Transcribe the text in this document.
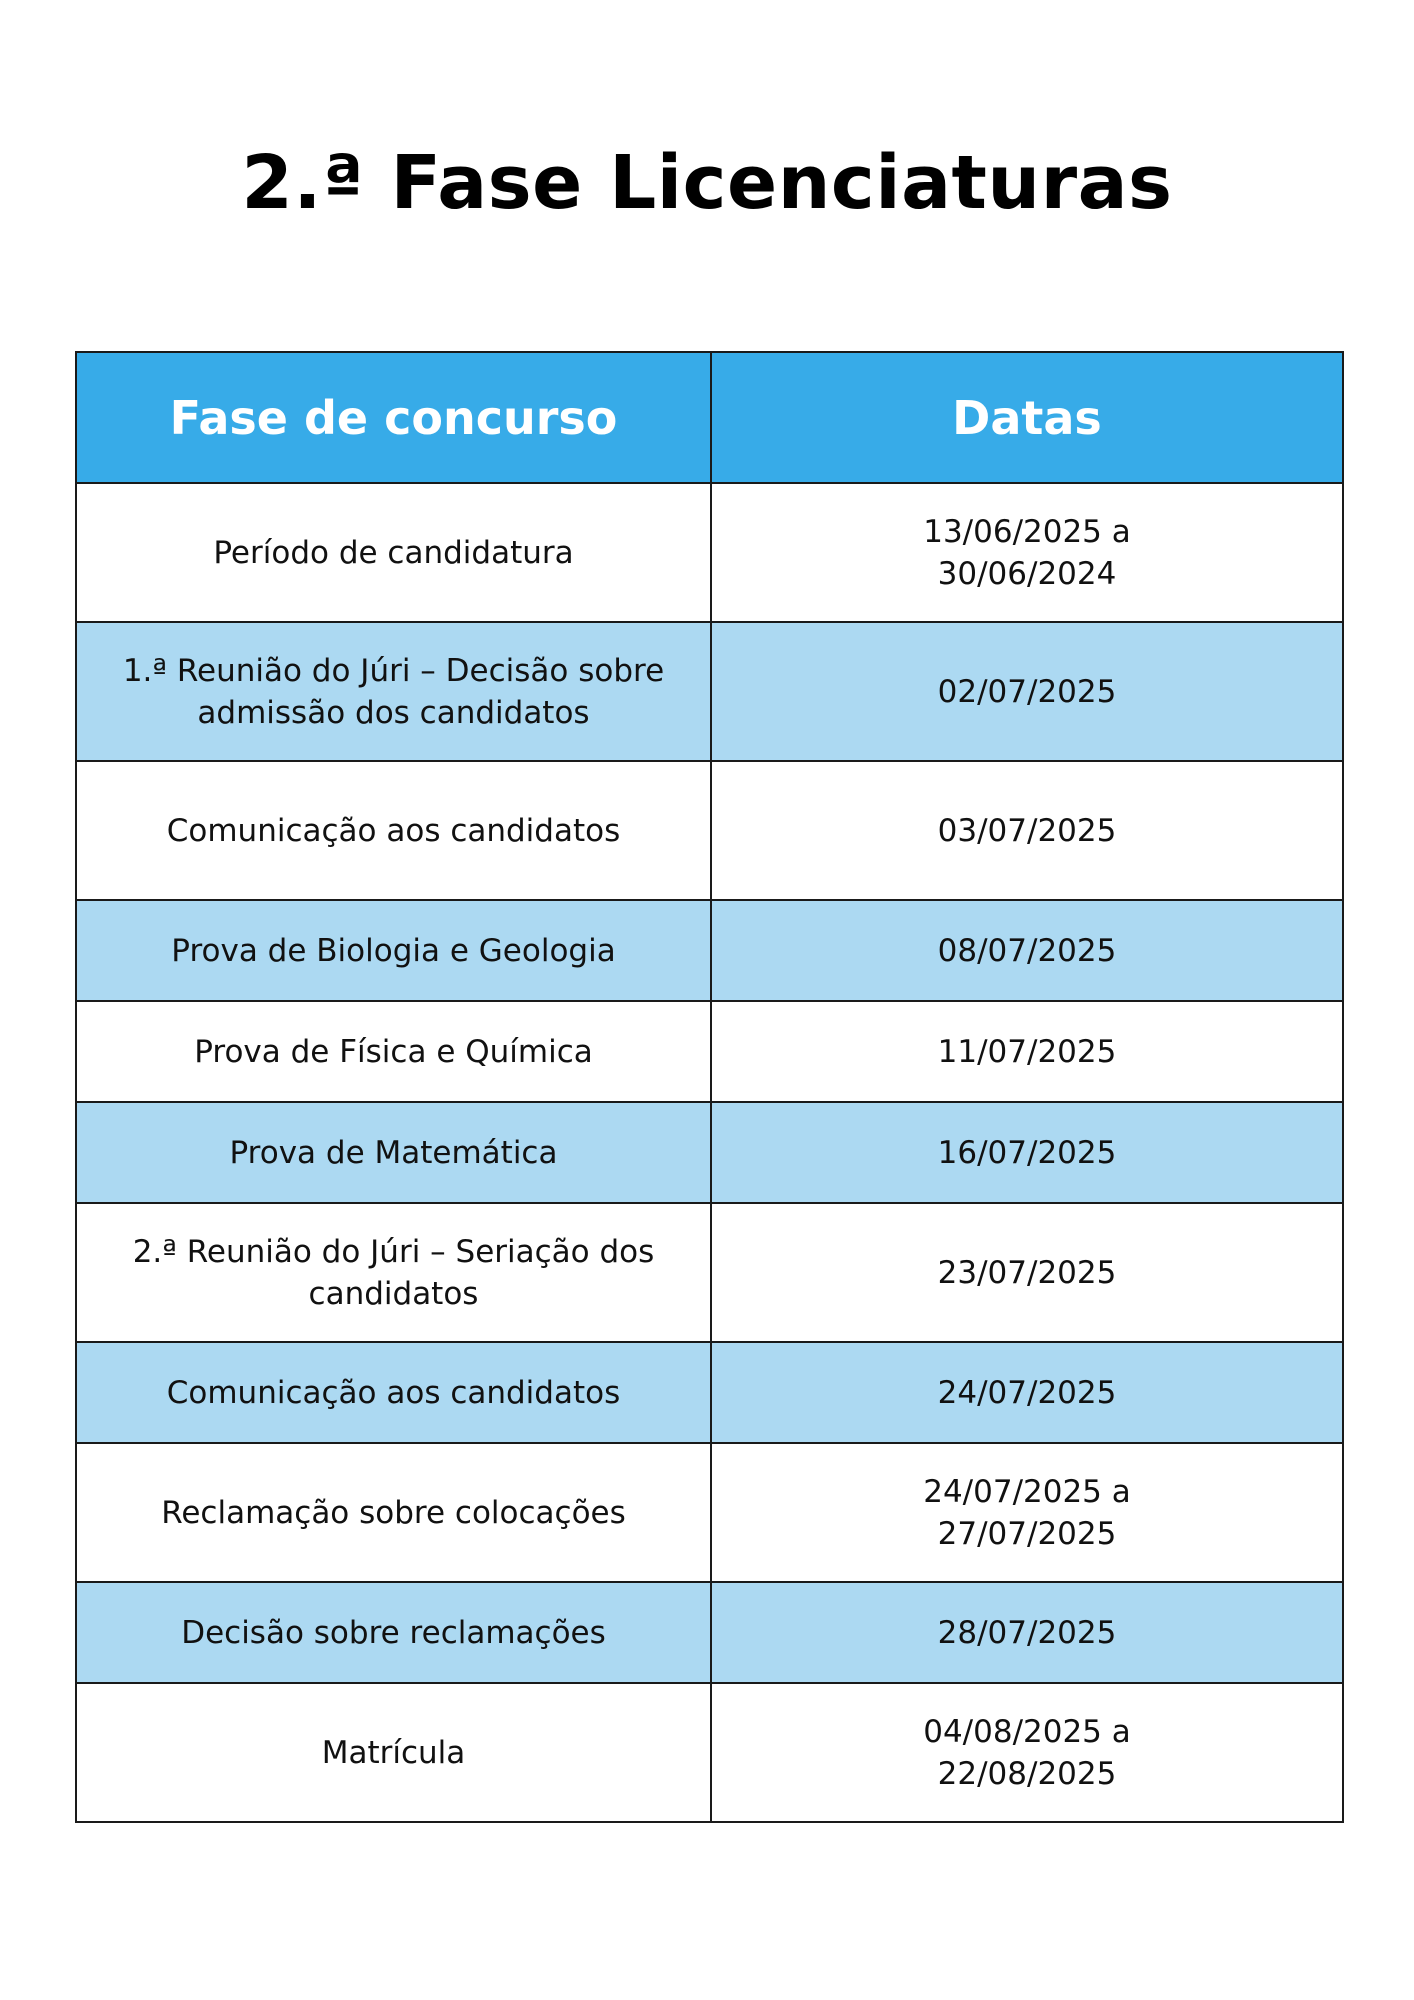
2.ª Fase Licenciaturas
Fase de concurso	Datas
Período de candidatura	13/06/2025 a
30/06/2024
1.ª Reunião do Júri – Decisão sobre admissão dos candidatos	02/07/2025
Comunicação aos candidatos	03/07/2025
Prova de Biologia e Geologia	08/07/2025
Prova de Física e Química	11/07/2025
Prova de Matemática	16/07/2025
2.ª Reunião do Júri – Seriação dos candidatos	23/07/2025
Comunicação aos candidatos	24/07/2025
Reclamação sobre colocações	24/07/2025 a
27/07/2025
Decisão sobre reclamações	28/07/2025
Matrícula	04/08/2025 a
22/08/2025
